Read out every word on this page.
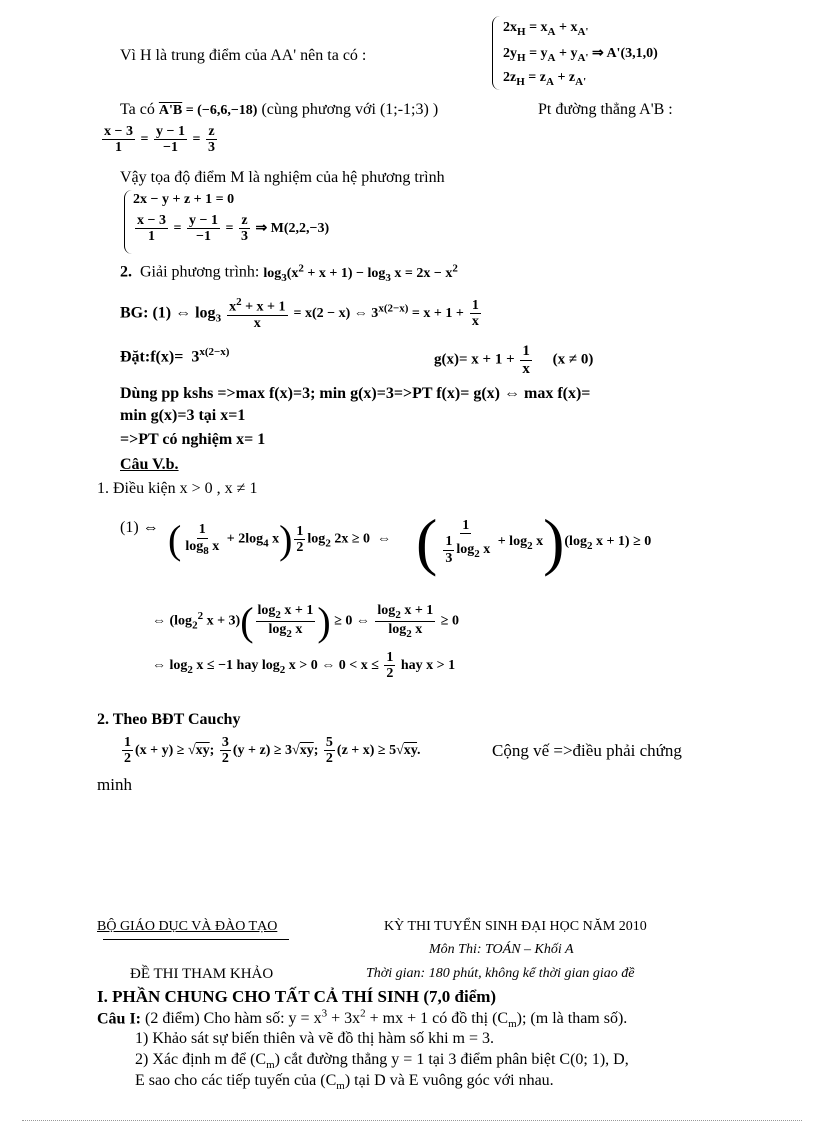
Vì H là trung điểm của AA' nên ta có :
$2x_H = x_A + x_{A'}$
$2y_H = y_A + y_{A'}$ ⇒ A'(3,1,0)
$2z_H = z_A + z_{A'}$
Ta có A'B = (−6,6,−18) (cùng phương với (1;-1;3) )	Pt đường thẳng A'B :
$\frac{x - 3}{1} = \frac{y - 1}{-1} = \frac{z}{3}$
Vậy tọa độ điểm M là nghiệm của hệ phương trình
2x − y + z + 1 = 0
$\frac{x - 3}{1} = \frac{y - 1}{-1} = \frac{z}{3}$ ⇒ M(2,2,−3)
2. Giải phương trình: $\log_3(x^2 + x + 1) - \log_3 x = 2x - x^2$
BG: (1) ⇔ $\log_3 \frac{x^2 + x + 1}{x} = x(2 - x)$ ⇔ $3^{x(2-x)} = x + 1 + \frac{1}{x}$
Đặt:f(x)=  $3^{x(2-x)}$	$g(x)= x + 1 + \frac{1}{x} (x \ne 0)$
Dùng pp kshs =>max f(x)=3; min g(x)=3=>PT f(x)= g(x) ⇔ max f(x)=
min g(x)=3 tại x=1
=>PT có nghiệm x= 1
Câu V.b.
1. Điều kiện x > 0 , x ≠ 1
(1) ⇔ ( $\frac{1}{\log_8 x} + 2\log_4$ $x) \frac{1}{2} \log_2 2x \ge 0$  ⇔ ( $\frac{1}{\frac{1}{3} \log_2 x} + \log_2 x)(\log_2$ x + 1) ≥ 0
⇔ ($\log_2^2$ $x + 3)( \frac{\log_2 x + 1}{\log_2 x}$ ) ≥ 0 ⇔ $\frac{\log_2 x + 1}{\log_2 x} \ge 0$
⇔ $\log_2 x \le -1$ hay $\log_2 x > 0$ ⇔ $0 < x \le \frac{1}{2}$ hay x > 1
2. Theo BĐT Cauchy
$\frac{1}{2} (x + y) \ge √xy$; $\frac{3}{2} (y + z) \ge 3√xy$; $\frac{5}{2} (z + x) \ge 5√xy$.	Cộng vế =>điều phải chứng
minh
BỘ GIÁO DỤC VÀ ĐÀO TẠO	KỲ THI TUYỂN SINH ĐẠI HỌC NĂM 2010
Môn Thi: TOÁN – Khối A
ĐỀ THI THAM KHẢO	Thời gian: 180 phút, không kể thời gian giao đề
I. PHẦN CHUNG CHO TẤT CẢ THÍ SINH (7,0 điểm)
Câu I: (2 điểm) Cho hàm số: $y = x^3 + 3x^2$ + mx + 1 có đồ thị $(C_m)$; (m là tham số).
1) Khảo sát sự biến thiên và vẽ đồ thị hàm số khi m = 3.
2) Xác định m để $(C_m)$ cắt đường thẳng y = 1 tại 3 điểm phân biệt C(0; 1), D,
E sao cho các tiếp tuyến của $(C_m)$ tại D và E vuông góc với nhau.
